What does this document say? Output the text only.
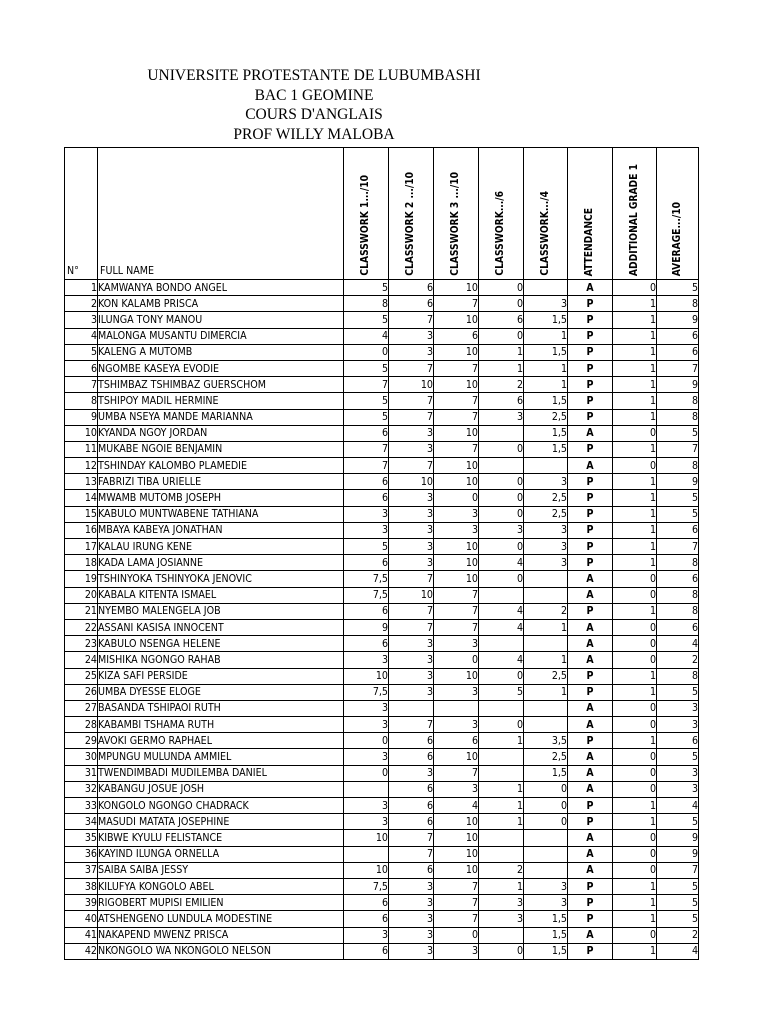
UNIVERSITE PROTESTANTE DE LUBUMBASHI
BAC 1 GEOMINE
COURS D'ANGLAIS
PROF WILLY MALOBA
N°	FULL NAME	CLASSWORK 1.../10	CLASSWORK 2 .../10	CLASSWORK 3 .../10	CLASSWORK.../6	CLASSWORK.../4	ATTENDANCE	ADDITIONAL GRADE 1	AVERAGE.../10

1	KAMWANYA BONDO ANGEL	5	6	10	0		A	0	5
2	KON KALAMB PRISCA	8	6	7	0	3	P	1	8
3	ILUNGA TONY MANOU	5	7	10	6	1,5	P	1	9
4	MALONGA MUSANTU DIMERCIA	4	3	6	0	1	P	1	6
5	KALENG A MUTOMB	0	3	10	1	1,5	P	1	6
6	NGOMBE KASEYA EVODIE	5	7	7	1	1	P	1	7
7	TSHIMBAZ TSHIMBAZ GUERSCHOM	7	10	10	2	1	P	1	9
8	TSHIPOY MADIL HERMINE	5	7	7	6	1,5	P	1	8
9	UMBA NSEYA MANDE MARIANNA	5	7	7	3	2,5	P	1	8
10	KYANDA NGOY JORDAN	6	3	10		1,5	A	0	5
11	MUKABE NGOIE BENJAMIN	7	3	7	0	1,5	P	1	7
12	TSHINDAY KALOMBO PLAMEDIE	7	7	10			A	0	8
13	FABRIZI TIBA URIELLE	6	10	10	0	3	P	1	9
14	MWAMB MUTOMB JOSEPH	6	3	0	0	2,5	P	1	5
15	KABULO MUNTWABENE TATHIANA	3	3	3	0	2,5	P	1	5
16	MBAYA KABEYA JONATHAN	3	3	3	3	3	P	1	6
17	KALAU IRUNG KENE	5	3	10	0	3	P	1	7
18	KADA LAMA JOSIANNE	6	3	10	4	3	P	1	8
19	TSHINYOKA TSHINYOKA JENOVIC	7,5	7	10	0		A	0	6
20	KABALA KITENTA ISMAEL	7,5	10	7			A	0	8
21	NYEMBO MALENGELA JOB	6	7	7	4	2	P	1	8
22	ASSANI KASISA INNOCENT	9	7	7	4	1	A	0	6
23	KABULO NSENGA HELENE	6	3	3			A	0	4
24	MISHIKA NGONGO RAHAB	3	3	0	4	1	A	0	2
25	KIZA SAFI PERSIDE	10	3	10	0	2,5	P	1	8
26	UMBA DYESSE ELOGE	7,5	3	3	5	1	P	1	5
27	BASANDA TSHIPAOI RUTH	3					A	0	3
28	KABAMBI TSHAMA RUTH	3	7	3	0		A	0	3
29	AVOKI GERMO RAPHAEL	0	6	6	1	3,5	P	1	6
30	MPUNGU MULUNDA AMMIEL	3	6	10		2,5	A	0	5
31	TWENDIMBADI MUDILEMBA DANIEL	0	3	7		1,5	A	0	3
32	KABANGU JOSUE JOSH		6	3	1	0	A	0	3
33	KONGOLO NGONGO CHADRACK	3	6	4	1	0	P	1	4
34	MASUDI MATATA JOSEPHINE	3	6	10	1	0	P	1	5
35	KIBWE KYULU FELISTANCE	10	7	10			A	0	9
36	KAYIND ILUNGA ORNELLA		7	10			A	0	9
37	SAIBA SAIBA JESSY	10	6	10	2		A	0	7
38	KILUFYA KONGOLO ABEL	7,5	3	7	1	3	P	1	5
39	RIGOBERT MUPISI EMILIEN	6	3	7	3	3	P	1	5
40	ATSHENGENO LUNDULA MODESTINE	6	3	7	3	1,5	P	1	5
41	NAKAPEND MWENZ PRISCA	3	3	0		1,5	A	0	2
42	NKONGOLO WA NKONGOLO NELSON	6	3	3	0	1,5	P	1	4
